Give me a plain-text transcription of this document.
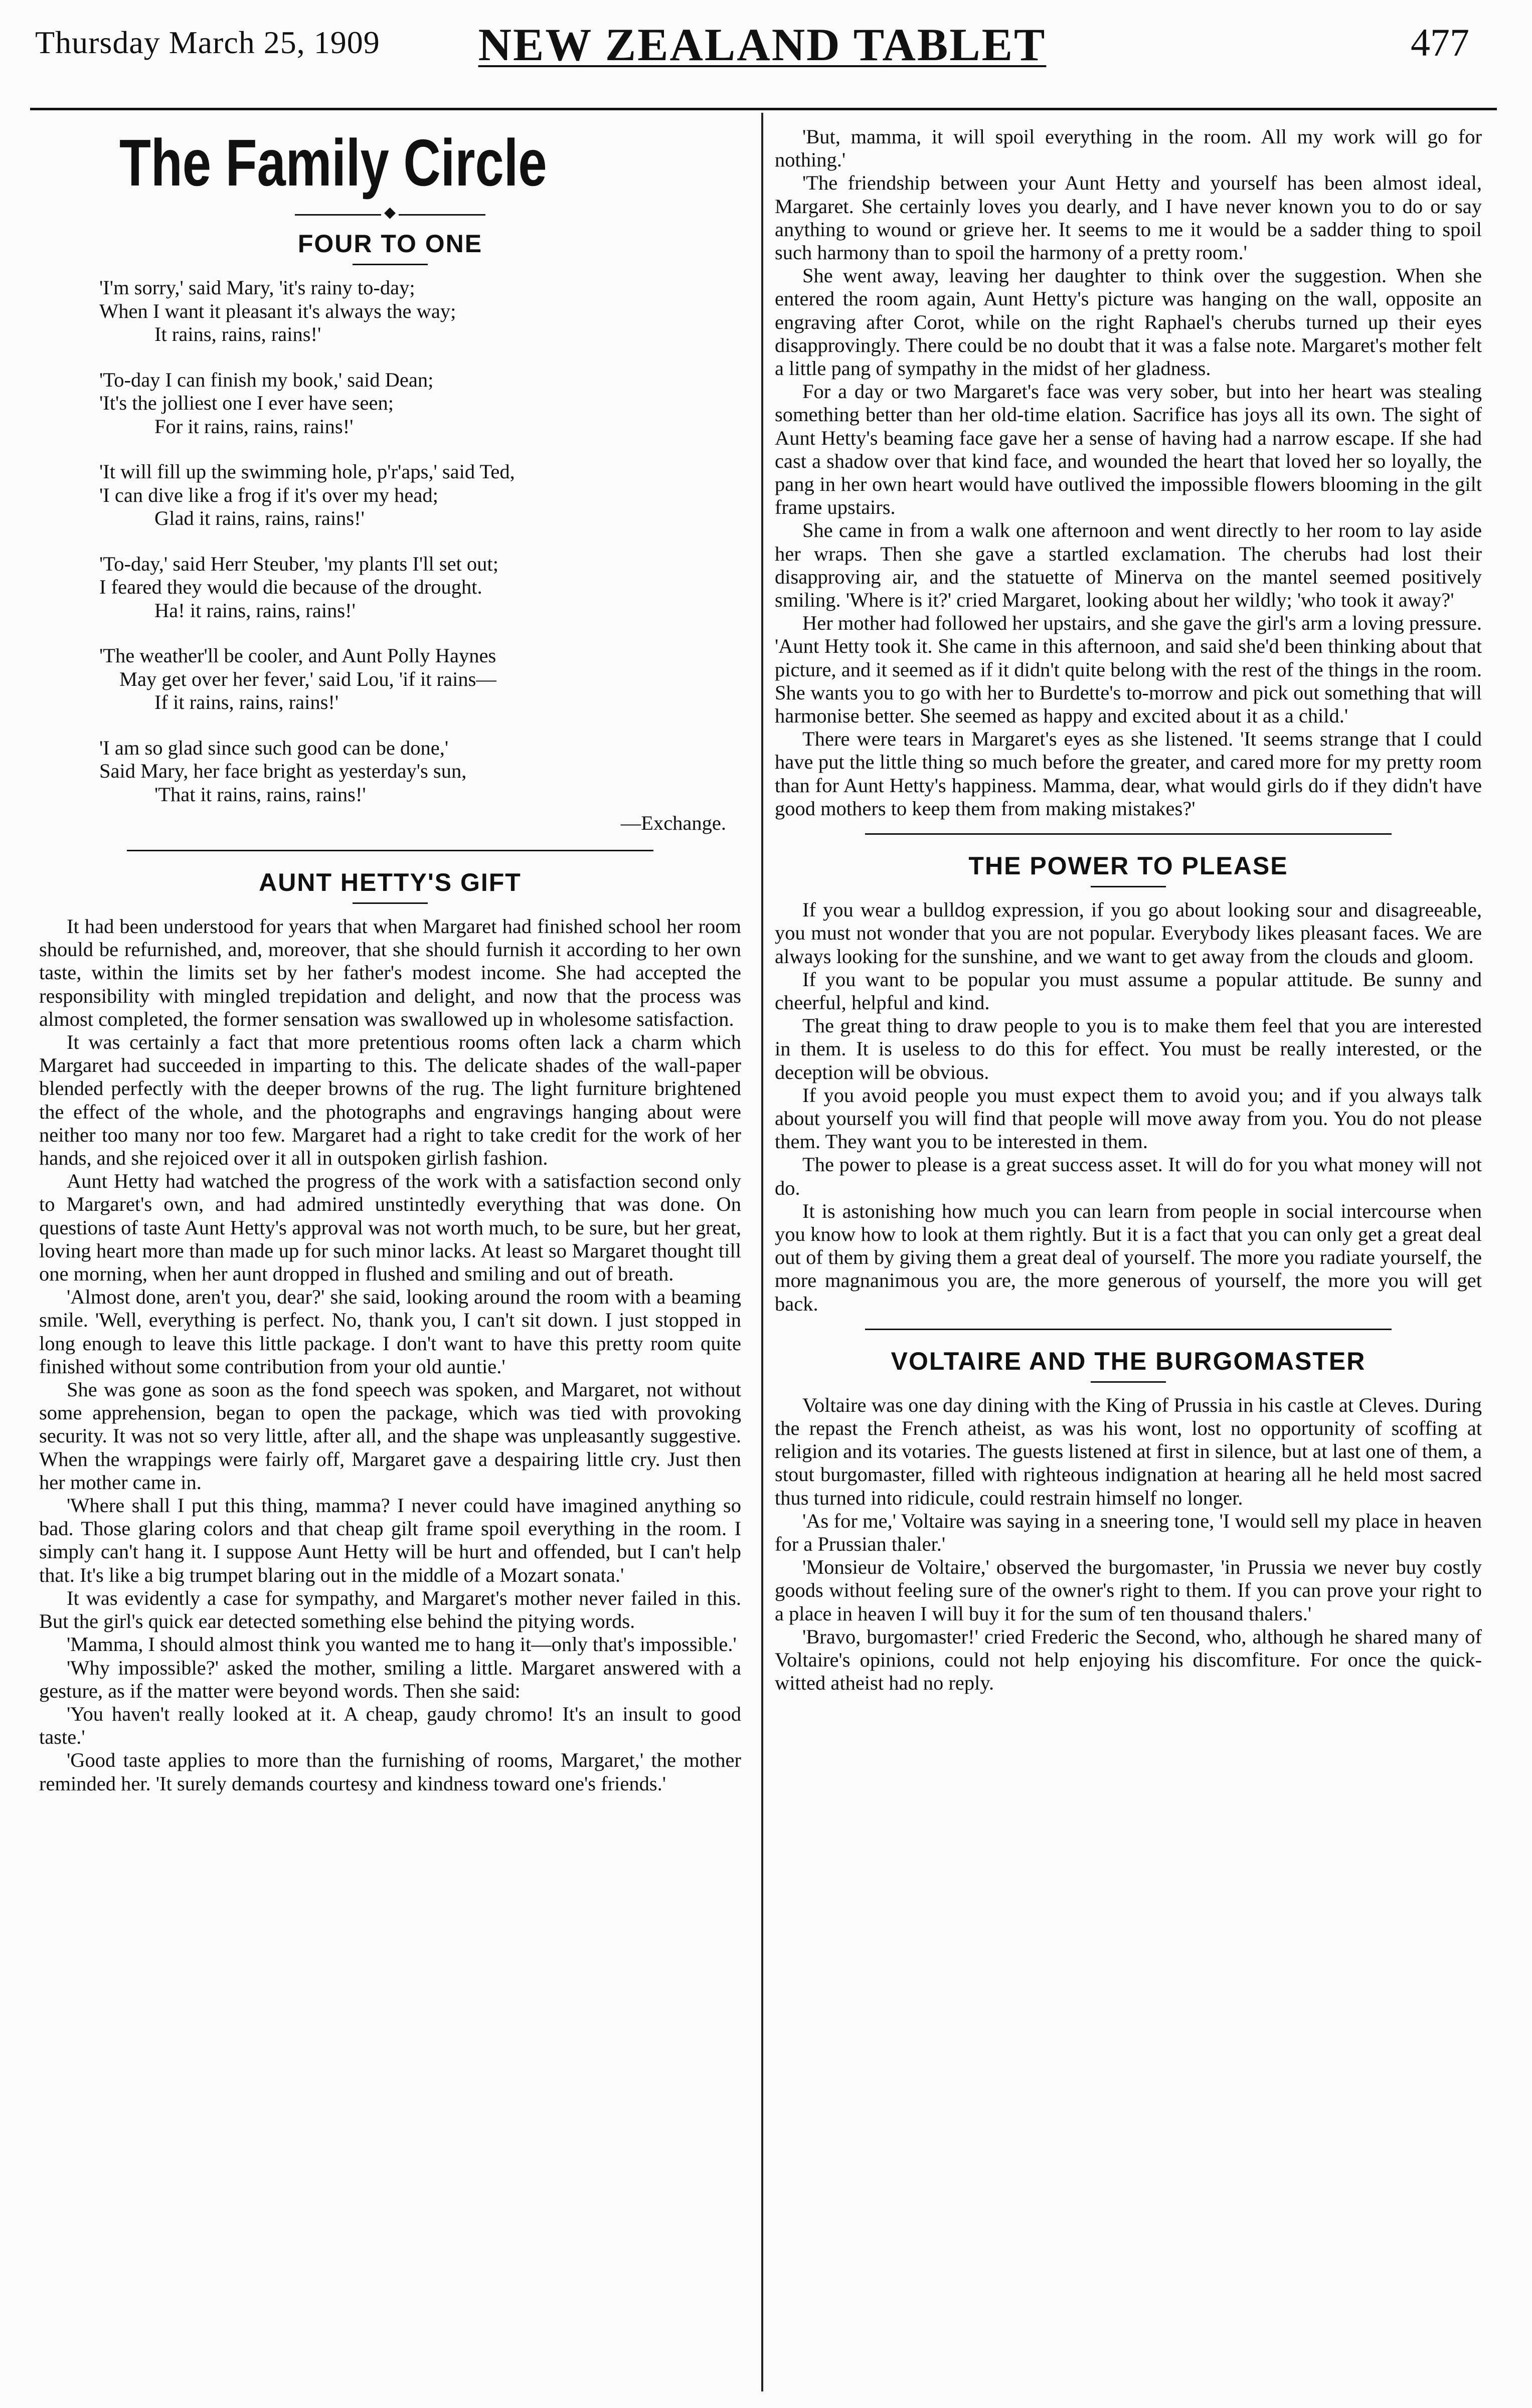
Thursday March 25, 1909	NEW ZEALAND TABLET	477
The Family Circle
◆
FOUR TO ONE
'I'm sorry,' said Mary, 'it's rainy to-day;
When I want it pleasant it's always the way;
It rains, rains, rains!'
'To-day I can finish my book,' said Dean;
'It's the jolliest one I ever have seen;
For it rains, rains, rains!'
'It will fill up the swimming hole, p'r'aps,' said Ted,
'I can dive like a frog if it's over my head;
Glad it rains, rains, rains!'
'To-day,' said Herr Steuber, 'my plants I'll set out;
I feared they would die because of the drought.
Ha! it rains, rains, rains!'
'The weather'll be cooler, and Aunt Polly Haynes
May get over her fever,' said Lou, 'if it rains—
If it rains, rains, rains!'
'I am so glad since such good can be done,'
Said Mary, her face bright as yesterday's sun,
'That it rains, rains, rains!'
—Exchange.
AUNT HETTY'S GIFT

It had been understood for years that when Margaret had finished school her room should be refurnished, and, moreover, that she should furnish it according to her own taste, within the limits set by her father's modest income. She had accepted the responsibility with mingled trepidation and delight, and now that the process was almost completed, the former sensation was swallowed up in wholesome satisfaction.

It was certainly a fact that more pretentious rooms often lack a charm which Margaret had succeeded in imparting to this. The delicate shades of the wall-paper blended perfectly with the deeper browns of the rug. The light furniture brightened the effect of the whole, and the photographs and engravings hanging about were neither too many nor too few. Margaret had a right to take credit for the work of her hands, and she rejoiced over it all in outspoken girlish fashion.

Aunt Hetty had watched the progress of the work with a satisfaction second only to Margaret's own, and had admired unstintedly everything that was done. On questions of taste Aunt Hetty's approval was not worth much, to be sure, but her great, loving heart more than made up for such minor lacks. At least so Margaret thought till one morning, when her aunt dropped in flushed and smiling and out of breath.

'Almost done, aren't you, dear?' she said, looking around the room with a beaming smile. 'Well, everything is perfect. No, thank you, I can't sit down. I just stopped in long enough to leave this little package. I don't want to have this pretty room quite finished without some contribution from your old auntie.'

She was gone as soon as the fond speech was spoken, and Margaret, not without some apprehension, began to open the package, which was tied with provoking security. It was not so very little, after all, and the shape was unpleasantly suggestive. When the wrappings were fairly off, Margaret gave a despairing little cry. Just then her mother came in.

'Where shall I put this thing, mamma? I never could have imagined anything so bad. Those glaring colors and that cheap gilt frame spoil everything in the room. I simply can't hang it. I suppose Aunt Hetty will be hurt and offended, but I can't help that. It's like a big trumpet blaring out in the middle of a Mozart sonata.'

It was evidently a case for sympathy, and Margaret's mother never failed in this. But the girl's quick ear detected something else behind the pitying words.

'Mamma, I should almost think you wanted me to hang it—only that's impossible.'

'Why impossible?' asked the mother, smiling a little. Margaret answered with a gesture, as if the matter were beyond words. Then she said:

'You haven't really looked at it. A cheap, gaudy chromo! It's an insult to good taste.'

'Good taste applies to more than the furnishing of rooms, Margaret,' the mother reminded her. 'It surely demands courtesy and kindness toward one's friends.'

'But, mamma, it will spoil everything in the room. All my work will go for nothing.'

'The friendship between your Aunt Hetty and yourself has been almost ideal, Margaret. She certainly loves you dearly, and I have never known you to do or say anything to wound or grieve her. It seems to me it would be a sadder thing to spoil such harmony than to spoil the harmony of a pretty room.'

She went away, leaving her daughter to think over the suggestion. When she entered the room again, Aunt Hetty's picture was hanging on the wall, opposite an engraving after Corot, while on the right Raphael's cherubs turned up their eyes disapprovingly. There could be no doubt that it was a false note. Margaret's mother felt a little pang of sympathy in the midst of her gladness.

For a day or two Margaret's face was very sober, but into her heart was stealing something better than her old-time elation. Sacrifice has joys all its own. The sight of Aunt Hetty's beaming face gave her a sense of having had a narrow escape. If she had cast a shadow over that kind face, and wounded the heart that loved her so loyally, the pang in her own heart would have outlived the impossible flowers blooming in the gilt frame upstairs.

She came in from a walk one afternoon and went directly to her room to lay aside her wraps. Then she gave a startled exclamation. The cherubs had lost their disapproving air, and the statuette of Minerva on the mantel seemed positively smiling. 'Where is it?' cried Margaret, looking about her wildly; 'who took it away?'

Her mother had followed her upstairs, and she gave the girl's arm a loving pressure. 'Aunt Hetty took it. She came in this afternoon, and said she'd been thinking about that picture, and it seemed as if it didn't quite belong with the rest of the things in the room. She wants you to go with her to Burdette's to-morrow and pick out something that will harmonise better. She seemed as happy and excited about it as a child.'

There were tears in Margaret's eyes as she listened. 'It seems strange that I could have put the little thing so much before the greater, and cared more for my pretty room than for Aunt Hetty's happiness. Mamma, dear, what would girls do if they didn't have good mothers to keep them from making mistakes?'

THE POWER TO PLEASE

If you wear a bulldog expression, if you go about looking sour and disagreeable, you must not wonder that you are not popular. Everybody likes pleasant faces. We are always looking for the sunshine, and we want to get away from the clouds and gloom.

If you want to be popular you must assume a popular attitude. Be sunny and cheerful, helpful and kind.

The great thing to draw people to you is to make them feel that you are interested in them. It is useless to do this for effect. You must be really interested, or the deception will be obvious.

If you avoid people you must expect them to avoid you; and if you always talk about yourself you will find that people will move away from you. You do not please them. They want you to be interested in them.

The power to please is a great success asset. It will do for you what money will not do.

It is astonishing how much you can learn from people in social intercourse when you know how to look at them rightly. But it is a fact that you can only get a great deal out of them by giving them a great deal of yourself. The more you radiate yourself, the more magnanimous you are, the more generous of yourself, the more you will get back.

VOLTAIRE AND THE BURGOMASTER

Voltaire was one day dining with the King of Prussia in his castle at Cleves. During the repast the French atheist, as was his wont, lost no opportunity of scoffing at religion and its votaries. The guests listened at first in silence, but at last one of them, a stout burgomaster, filled with righteous indignation at hearing all he held most sacred thus turned into ridicule, could restrain himself no longer.

'As for me,' Voltaire was saying in a sneering tone, 'I would sell my place in heaven for a Prussian thaler.'

'Monsieur de Voltaire,' observed the burgomaster, 'in Prussia we never buy costly goods without feeling sure of the owner's right to them. If you can prove your right to a place in heaven I will buy it for the sum of ten thousand thalers.'

'Bravo, burgomaster!' cried Frederic the Second, who, although he shared many of Voltaire's opinions, could not help enjoying his discomfiture. For once the quick-witted atheist had no reply.
